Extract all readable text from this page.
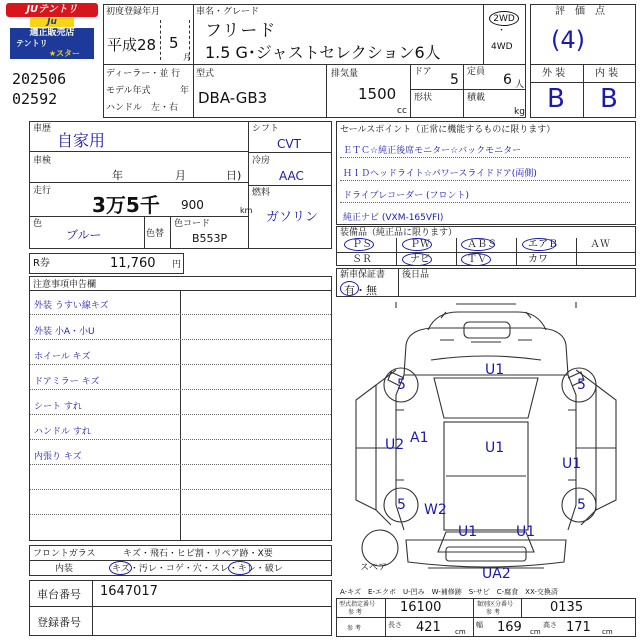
JUテントリ
Ju
適正販売店
テントリ
★スター
202506
02592
初度登録年月
平成28 5
月
車名・グレード
フリード
1.5 G･ジャストセレクション6人
2WD
・
4WD
ディーラー・並 行
モデル年式	年
ハンドル　左・右
型式
DBA-GB3
排気量
1500
cc
ドア 5 定員 6 人
形状	積載
kg
評　価　点
(4)
外 装	内 装
B B
車歴
自家用
車検
年	月	日)
走行
3万5千 900	km
色
ブルー	色替
色コード
B553P
シフト
CVT
冷房
AAC
燃料
ガソリン
R券	11,760 円
セールスポイント（正常に機能するものに限ります）
ＥＴＣ☆純正後席モニター☆バックモニター
ＨＩＤヘッドライト☆パワースライドドア(両側)
ドライブレコーダー (フロント)
純正ナビ (VXM-165VFI)
装備品（純正品に限ります）
ＰＳ	ＰＷ	ＡＢＳ	エアＢ	ＡＷ
ＳＲ	ナビ	ＴＶ	カワ
新車保証書
有・無
後日品
注意事項申告欄
外装 うすい線キズ
外装 小A・小U
ホイール キズ
ドアミラー キズ
シート すれ
ハンドル すれ
内張り キズ
U1
5	5
U2 A1
U1
U1
5 W2
U1	U1
5
UA2
スペア
フロントガラス	キズ・飛石・ヒビ割・リペア跡・X要
内装	キズ・汚レ・コゲ・穴・スレ・キレ・破レ
車台番号 1647017
登録番号
A-キズ　E-エクボ　U-凹み　W-補修跡　S-サビ　C-腐食　XX-交換済
型式指定番号
参 考	16100	類別区分番号
参 考	0135
長さ 421 cm
幅 169 cm
高さ 171 cm
参 考
